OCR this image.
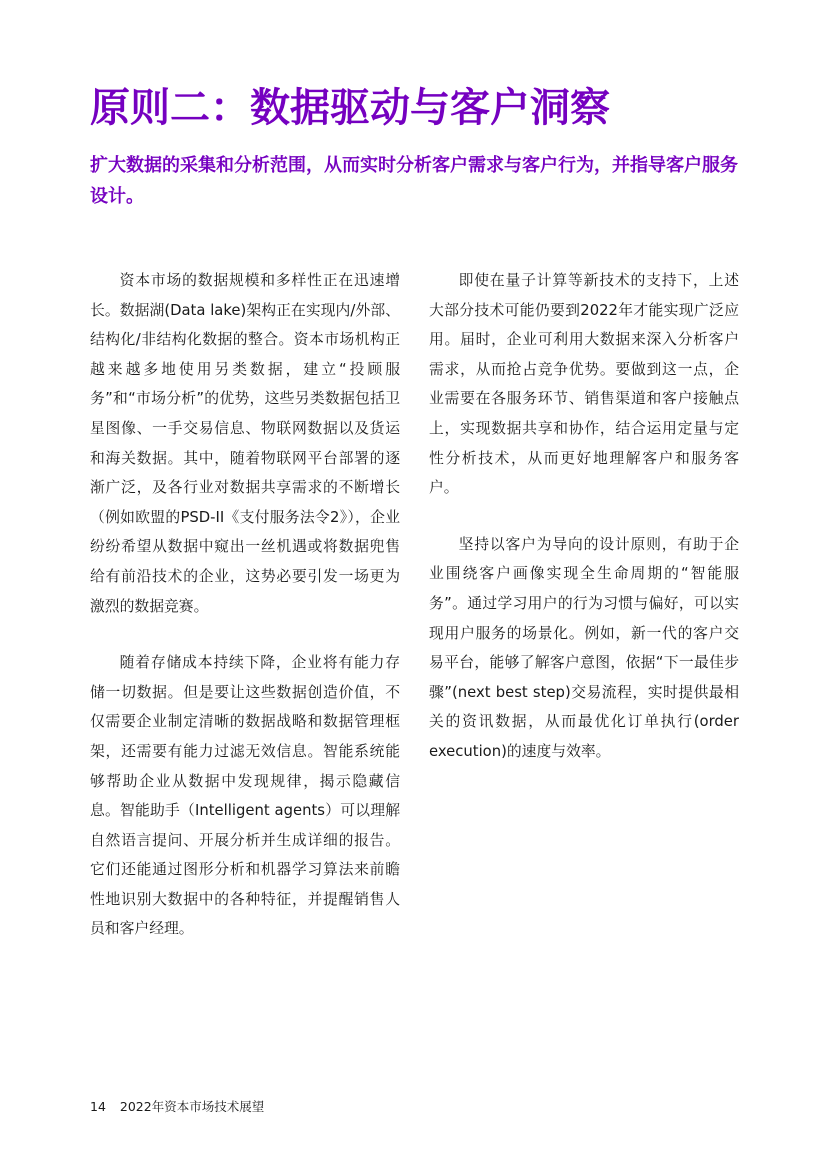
原则二：数据驱动与客户洞察

扩大数据的采集和分析范围，从而实时分析客户需求与客户行为，并指导客户服务设计。

资本市场的数据规模和多样性正在迅速增长。数据湖(Data lake)架构正在实现内/外部、结构化/非结构化数据的整合。资本市场机构正越来越多地使用另类数据，建立“投顾服务”和“市场分析”的优势，这些另类数据包括卫星图像、一手交易信息、物联网数据以及货运和海关数据。其中，随着物联网平台部署的逐渐广泛，及各行业对数据共享需求的不断增长（例如欧盟的PSD-II《支付服务法令2》），企业纷纷希望从数据中窥出一丝机遇或将数据兜售给有前沿技术的企业，这势必要引发一场更为激烈的数据竞赛。

随着存储成本持续下降，企业将有能力存储一切数据。但是要让这些数据创造价值，不仅需要企业制定清晰的数据战略和数据管理框架，还需要有能力过滤无效信息。智能系统能够帮助企业从数据中发现规律，揭示隐藏信息。智能助手（Intelligent agents）可以理解自然语言提问、开展分析并生成详细的报告。它们还能通过图形分析和机器学习算法来前瞻性地识别大数据中的各种特征，并提醒销售人员和客户经理。

即使在量子计算等新技术的支持下，上述大部分技术可能仍要到2022年才能实现广泛应用。届时，企业可利用大数据来深入分析客户需求，从而抢占竞争优势。要做到这一点，企业需要在各服务环节、销售渠道和客户接触点上，实现数据共享和协作，结合运用定量与定性分析技术，从而更好地理解客户和服务客户。

坚持以客户为导向的设计原则，有助于企业围绕客户画像实现全生命周期的“智能服务”。通过学习用户的行为习惯与偏好，可以实现用户服务的场景化。例如，新一代的客户交易平台，能够了解客户意图，依据“下一最佳步骤”(next best step)交易流程，实时提供最相关的资讯数据，从而最优化订单执行(order execution)的速度与效率。

14 2022年资本市场技术展望
